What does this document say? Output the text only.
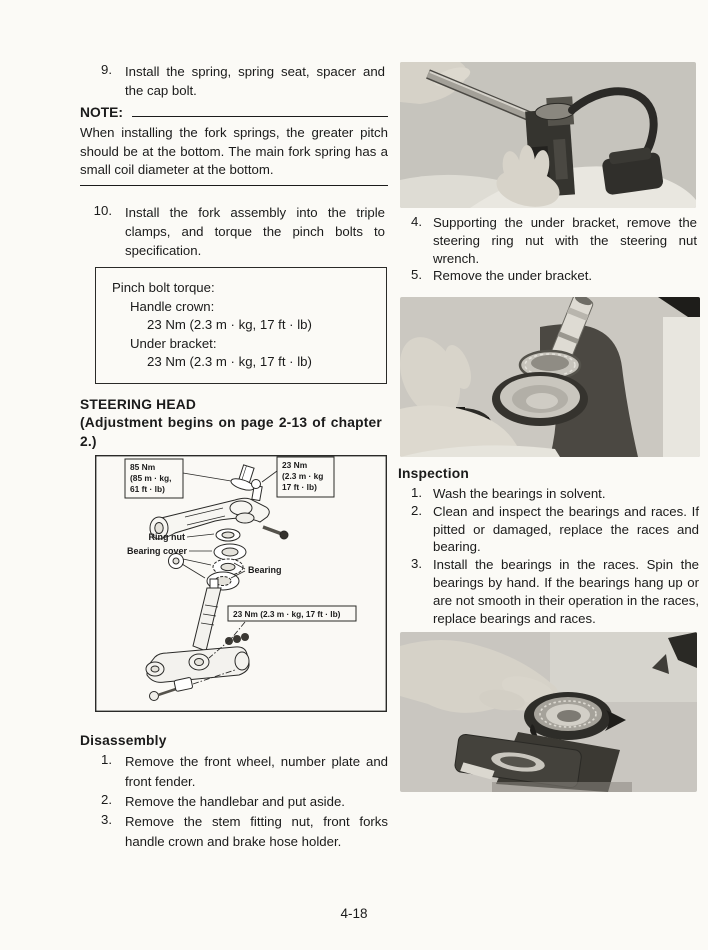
9. Install the spring, spring seat, spacer and the cap bolt.
NOTE:
When installing the fork springs, the greater pitch should be at the bottom. The main fork spring has a small coil diameter at the bottom.
10. Install the fork assembly into the triple clamps, and torque the pinch bolts to specification.
Pinch bolt torque:
Handle crown:
23 Nm (2.3 m · kg, 17 ft · lb)
Under bracket:
23 Nm (2.3 m · kg, 17 ft · lb)
STEERING HEAD
(Adjustment begins on page 2-13 of chapter 2.)
85 Nm
(85 m · kg,
61 ft · lb)
23 Nm
(2.3 m · kg
17 ft · lb)
Ring nut
Bearing cover
Bearing
23 Nm (2.3 m · kg, 17 ft · lb)
Disassembly
1. Remove the front wheel, number plate and front fender.
2. Remove the handlebar and put aside.
3. Remove the stem fitting nut, front forks handle crown and brake hose holder.
4. Supporting the under bracket, remove the steering ring nut with the steering nut wrench.
5. Remove the under bracket.
Inspection
1. Wash the bearings in solvent.
2. Clean and inspect the bearings and races. If pitted or damaged, replace the races and bearing.
3. Install the bearings in the races. Spin the bearings by hand. If the bearings hang up or are not smooth in their operation in the races, replace bearings and races.
4-18
